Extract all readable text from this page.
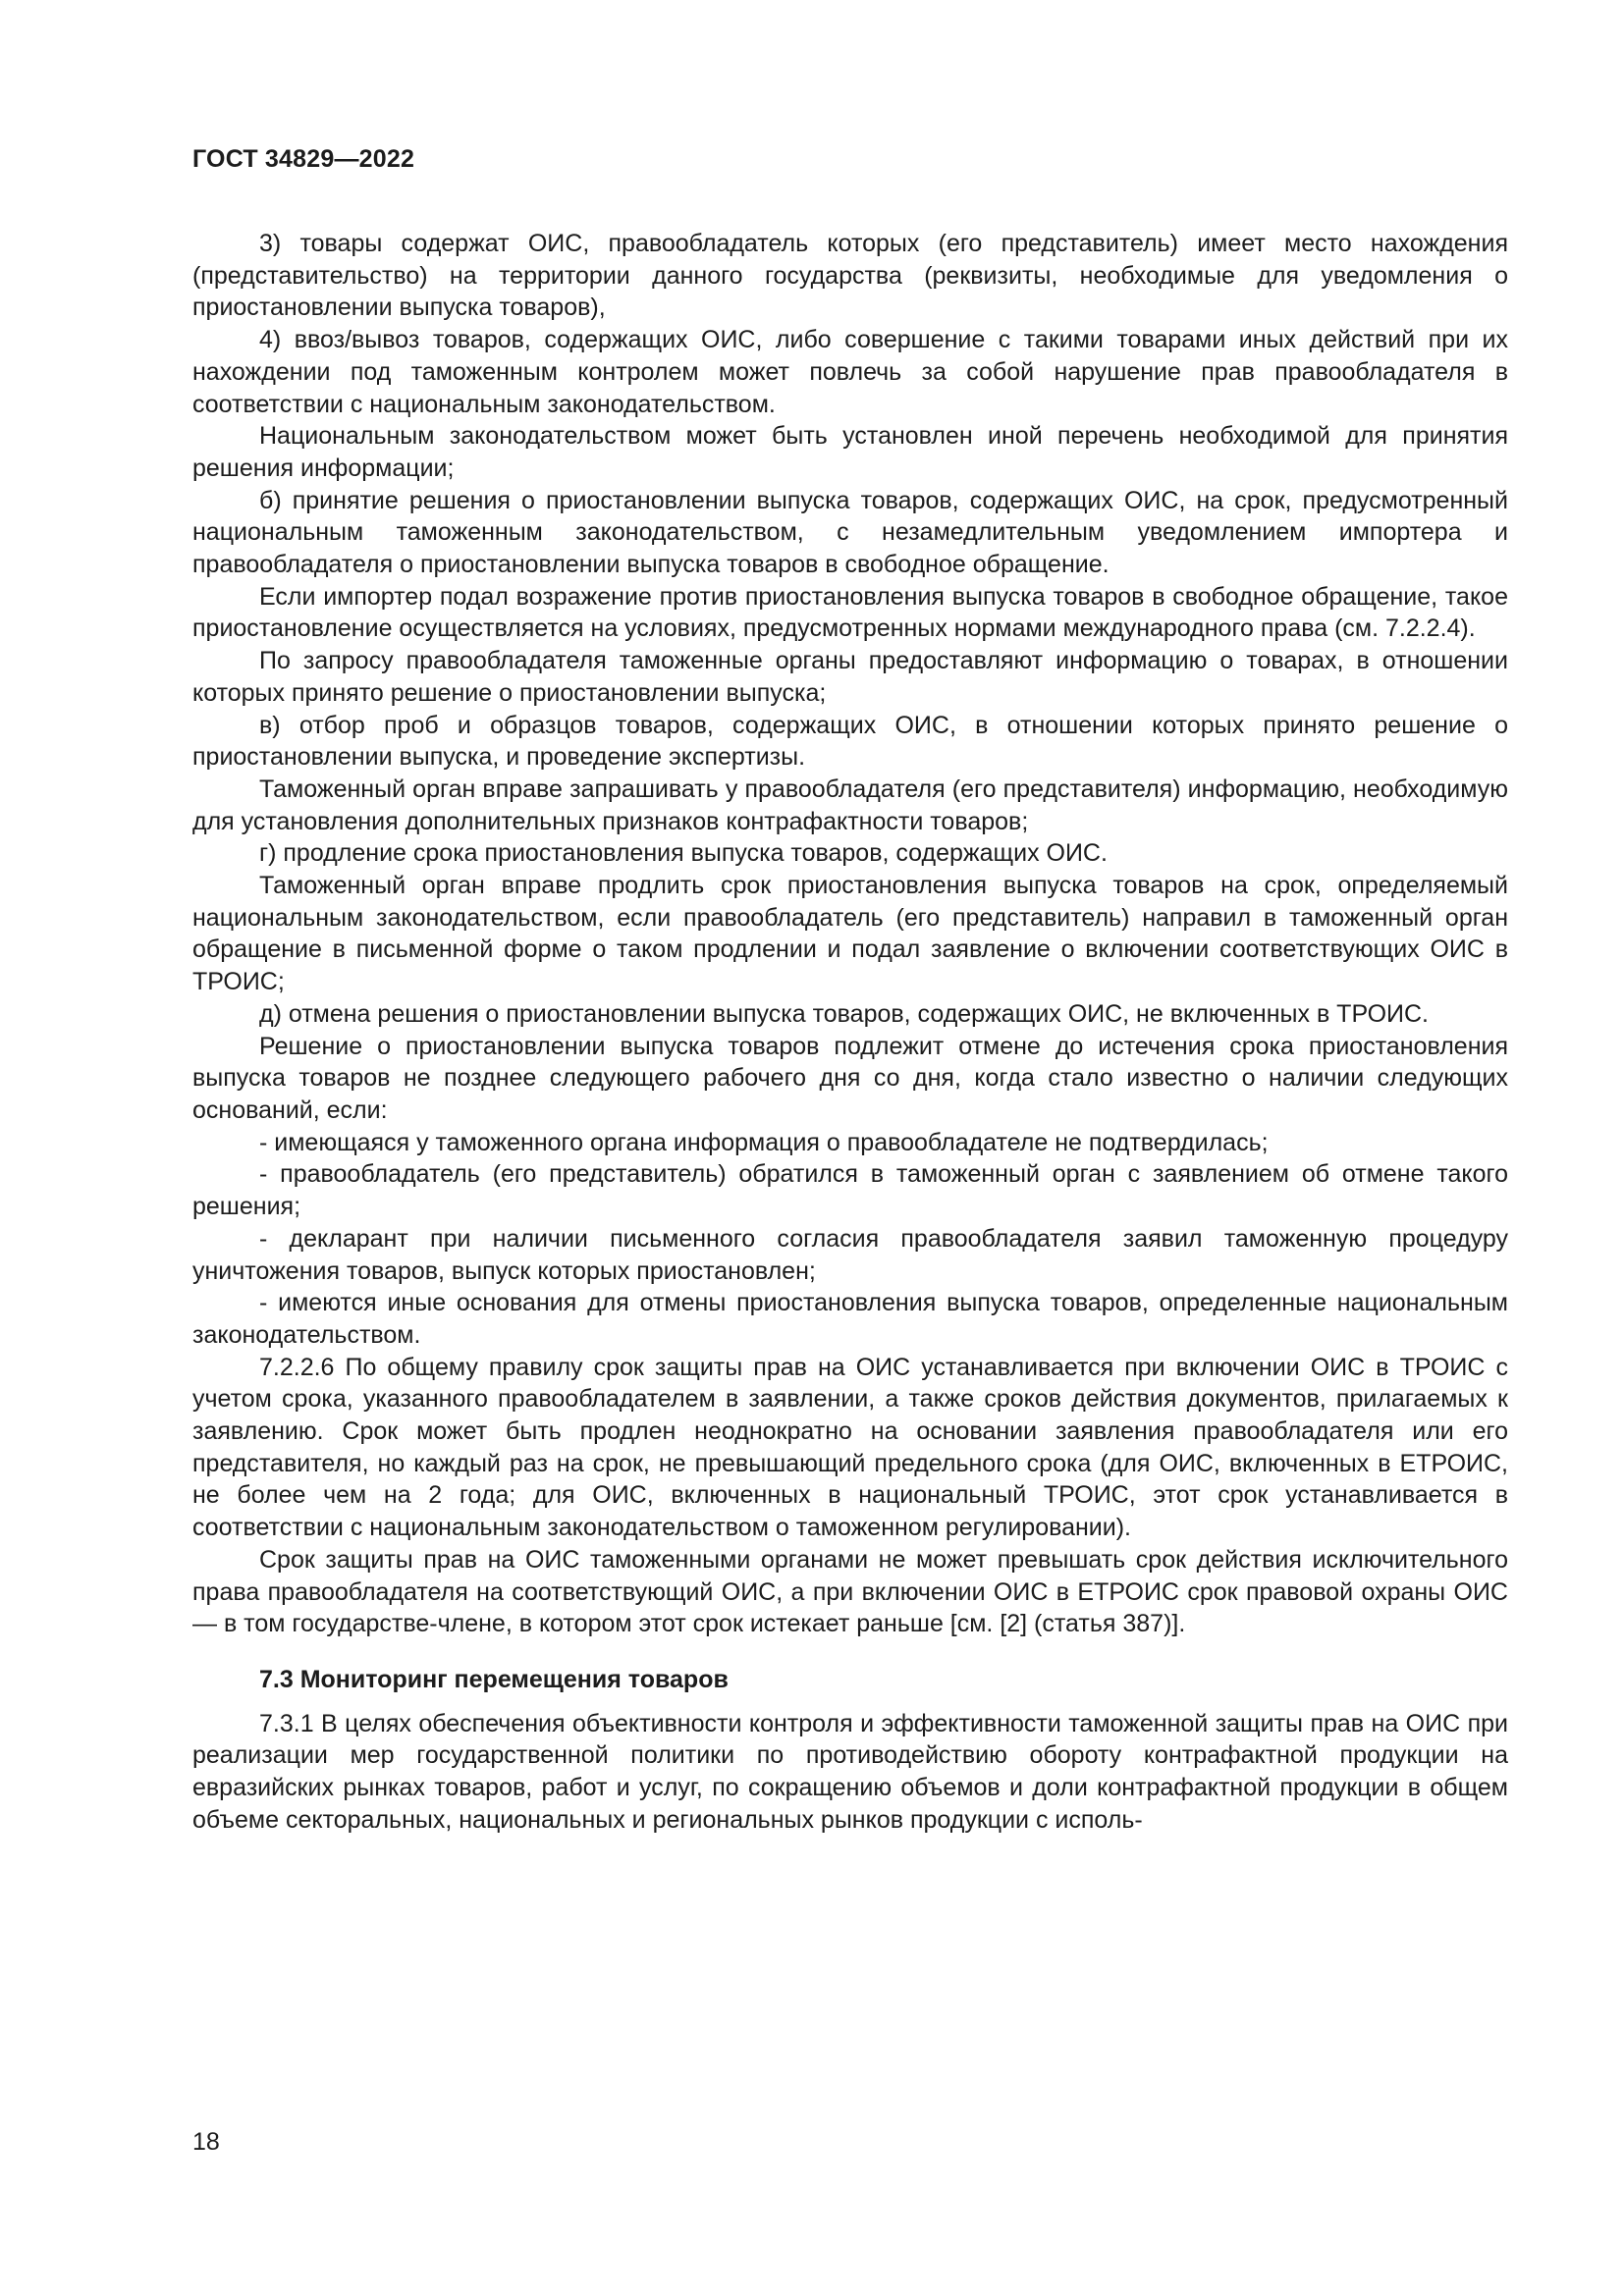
ГОСТ 34829—2022

3) товары содержат ОИС, правообладатель которых (его представитель) имеет место нахождения (представительство) на территории данного государства (реквизиты, необходимые для уведомления о приостановлении выпуска товаров),

4) ввоз/вывоз товаров, содержащих ОИС, либо совершение с такими товарами иных действий при их нахождении под таможенным контролем может повлечь за собой нарушение прав правообладателя в соответствии с национальным законодательством.

Национальным законодательством может быть установлен иной перечень необходимой для принятия решения информации;

б) принятие решения о приостановлении выпуска товаров, содержащих ОИС, на срок, предусмотренный национальным таможенным законодательством, с незамедлительным уведомлением импортера и правообладателя о приостановлении выпуска товаров в свободное обращение.

Если импортер подал возражение против приостановления выпуска товаров в свободное обращение, такое приостановление осуществляется на условиях, предусмотренных нормами международного права (см. 7.2.2.4).

По запросу правообладателя таможенные органы предоставляют информацию о товарах, в отношении которых принято решение о приостановлении выпуска;

в) отбор проб и образцов товаров, содержащих ОИС, в отношении которых принято решение о приостановлении выпуска, и проведение экспертизы.

Таможенный орган вправе запрашивать у правообладателя (его представителя) информацию, необходимую для установления дополнительных признаков контрафактности товаров;

г) продление срока приостановления выпуска товаров, содержащих ОИС.

Таможенный орган вправе продлить срок приостановления выпуска товаров на срок, определяемый национальным законодательством, если правообладатель (его представитель) направил в таможенный орган обращение в письменной форме о таком продлении и подал заявление о включении соответствующих ОИС в ТРОИС;

д) отмена решения о приостановлении выпуска товаров, содержащих ОИС, не включенных в ТРОИС.

Решение о приостановлении выпуска товаров подлежит отмене до истечения срока приостановления выпуска товаров не позднее следующего рабочего дня со дня, когда стало известно о наличии следующих оснований, если:

- имеющаяся у таможенного органа информация о правообладателе не подтвердилась;

- правообладатель (его представитель) обратился в таможенный орган с заявлением об отмене такого решения;

- декларант при наличии письменного согласия правообладателя заявил таможенную процедуру уничтожения товаров, выпуск которых приостановлен;

- имеются иные основания для отмены приостановления выпуска товаров, определенные национальным законодательством.

7.2.2.6 По общему правилу срок защиты прав на ОИС устанавливается при включении ОИС в ТРОИС с учетом срока, указанного правообладателем в заявлении, а также сроков действия документов, прилагаемых к заявлению. Срок может быть продлен неоднократно на основании заявления правообладателя или его представителя, но каждый раз на срок, не превышающий предельного срока (для ОИС, включенных в ЕТРОИС, не более чем на 2 года; для ОИС, включенных в национальный ТРОИС, этот срок устанавливается в соответствии с национальным законодательством о таможенном регулировании).

Срок защиты прав на ОИС таможенными органами не может превышать срок действия исключительного права правообладателя на соответствующий ОИС, а при включении ОИС в ЕТРОИС срок правовой охраны ОИС — в том государстве-члене, в котором этот срок истекает раньше [см. [2] (статья 387)].

7.3 Мониторинг перемещения товаров

7.3.1 В целях обеспечения объективности контроля и эффективности таможенной защиты прав на ОИС при реализации мер государственной политики по противодействию обороту контрафактной продукции на евразийских рынках товаров, работ и услуг, по сокращению объемов и доли контрафактной продукции в общем объеме секторальных, национальных и региональных рынков продукции с исполь-

18
